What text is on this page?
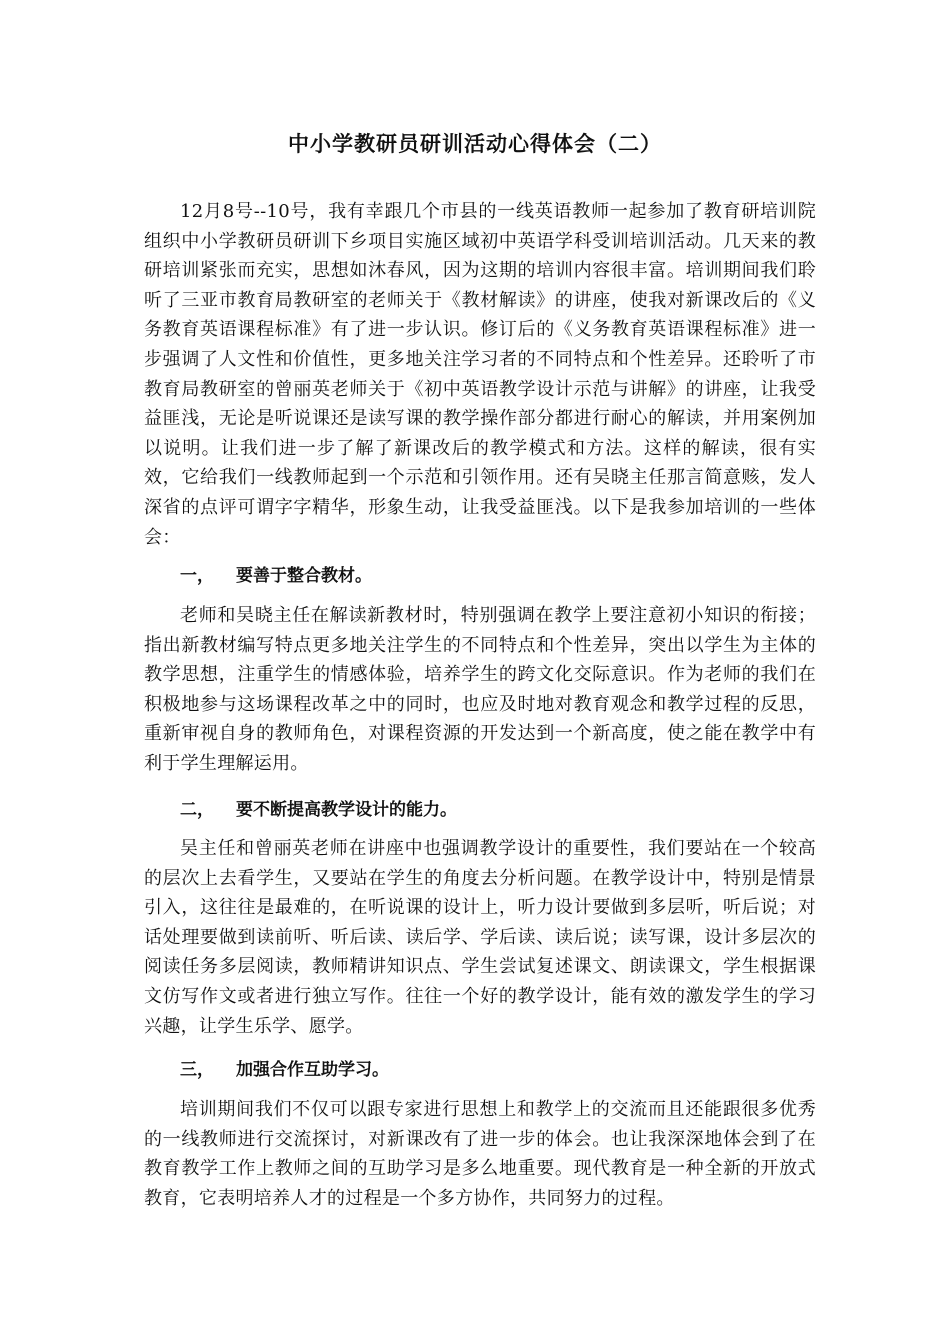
中小学教研员研训活动心得体会（二）

12月8号--10号，我有幸跟几个市县的一线英语教师一起参加了教育研培训院组织中小学教研员研训下乡项目实施区域初中英语学科受训培训活动。几天来的教研培训紧张而充实，思想如沐春风，因为这期的培训内容很丰富。培训期间我们聆听了三亚市教育局教研室的老师关于《教材解读》的讲座，使我对新课改后的《义务教育英语课程标准》有了进一步认识。修订后的《义务教育英语课程标准》进一步强调了人文性和价值性，更多地关注学习者的不同特点和个性差异。还聆听了市教育局教研室的曾丽英老师关于《初中英语教学设计示范与讲解》的讲座，让我受益匪浅，无论是听说课还是读写课的教学操作部分都进行耐心的解读，并用案例加以说明。让我们进一步了解了新课改后的教学模式和方法。这样的解读，很有实效，它给我们一线教师起到一个示范和引领作用。还有吴晓主任那言简意赅，发人深省的点评可谓字字精华，形象生动，让我受益匪浅。以下是我参加培训的一些体会：

一， 要善于整合教材。

老师和吴晓主任在解读新教材时，特别强调在教学上要注意初小知识的衔接；指出新教材编写特点更多地关注学生的不同特点和个性差异，突出以学生为主体的教学思想，注重学生的情感体验，培养学生的跨文化交际意识。作为老师的我们在积极地参与这场课程改革之中的同时，也应及时地对教育观念和教学过程的反思，重新审视自身的教师角色，对课程资源的开发达到一个新高度，使之能在教学中有利于学生理解运用。

二， 要不断提高教学设计的能力。

吴主任和曾丽英老师在讲座中也强调教学设计的重要性，我们要站在一个较高的层次上去看学生，又要站在学生的角度去分析问题。在教学设计中，特别是情景引入，这往往是最难的，在听说课的设计上，听力设计要做到多层听，听后说；对话处理要做到读前听、听后读、读后学、学后读、读后说；读写课，设计多层次的阅读任务多层阅读，教师精讲知识点、学生尝试复述课文、朗读课文，学生根据课文仿写作文或者进行独立写作。往往一个好的教学设计，能有效的激发学生的学习兴趣，让学生乐学、愿学。

三， 加强合作互助学习。

培训期间我们不仅可以跟专家进行思想上和教学上的交流而且还能跟很多优秀的一线教师进行交流探讨，对新课改有了进一步的体会。也让我深深地体会到了在教育教学工作上教师之间的互助学习是多么地重要。现代教育是一种全新的开放式教育，它表明培养人才的过程是一个多方协作，共同努力的过程。
